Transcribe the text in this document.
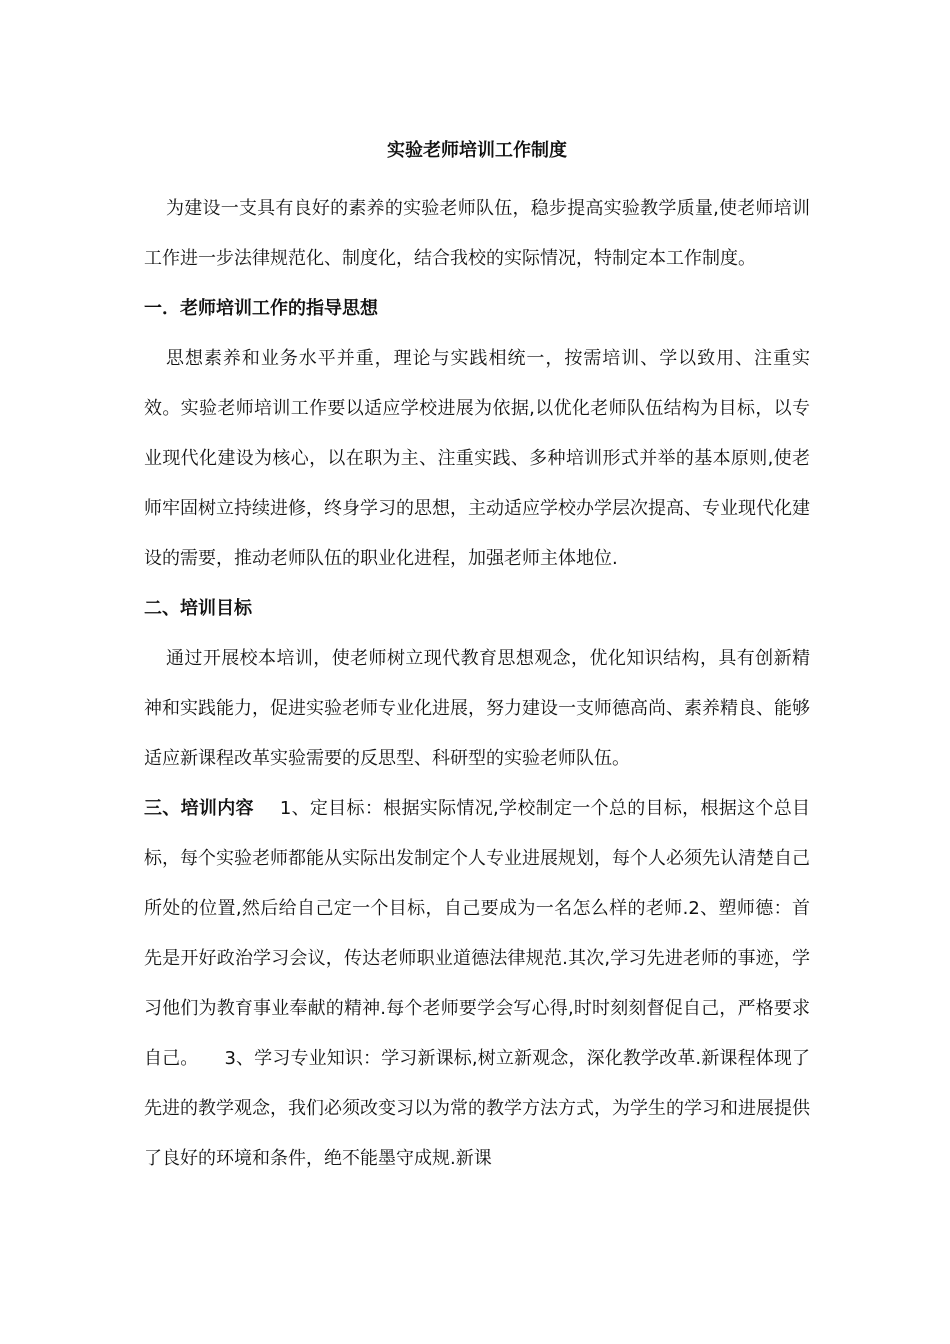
实验老师培训工作制度

为建设一支具有良好的素养的实验老师队伍，稳步提高实验教学质量,使老师培训工作进一步法律规范化、制度化，结合我校的实际情况，特制定本工作制度。

一．老师培训工作的指导思想

思想素养和业务水平并重，理论与实践相统一，按需培训、学以致用、注重实效。实验老师培训工作要以适应学校进展为依据,以优化老师队伍结构为目标，以专业现代化建设为核心，以在职为主、注重实践、多种培训形式并举的基本原则,使老师牢固树立持续进修，终身学习的思想，主动适应学校办学层次提高、专业现代化建设的需要，推动老师队伍的职业化进程，加强老师主体地位.

二、培训目标

通过开展校本培训，使老师树立现代教育思想观念，优化知识结构，具有创新精神和实践能力，促进实验老师专业化进展，努力建设一支师德高尚、素养精良、能够适应新课程改革实验需要的反思型、科研型的实验老师队伍。

三、培训内容 1、定目标：根据实际情况,学校制定一个总的目标，根据这个总目标，每个实验老师都能从实际出发制定个人专业进展规划，每个人必须先认清楚自己所处的位置,然后给自己定一个目标，自己要成为一名怎么样的老师.2、塑师德：首先是开好政治学习会议，传达老师职业道德法律规范.其次,学习先进老师的事迹，学习他们为教育事业奉献的精神.每个老师要学会写心得,时时刻刻督促自己，严格要求自己。 3、学习专业知识：学习新课标,树立新观念，深化教学改革.新课程体现了先进的教学观念，我们必须改变习以为常的教学方法方式，为学生的学习和进展提供了良好的环境和条件，绝不能墨守成规.新课
